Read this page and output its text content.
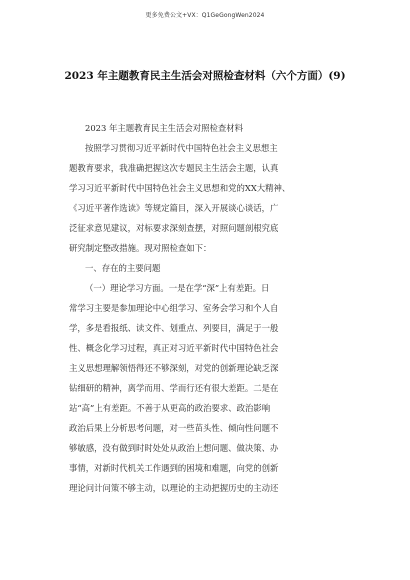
更多免费公文+VX：Q1GeGongWen2024
2023 年主题教育民主生活会对照检查材料（六个方面）(9)

2023 年主题教育民主生活会对照检查材料

按照学习贯彻习近平新时代中国特色社会主义思想主

题教育要求，我准确把握这次专题民主生活会主题，认真

学习习近平新时代中国特色社会主义思想和党的XX大精神、

《习近平著作选读》等规定篇目，深入开展谈心谈话，广

泛征求意见建议，对标要求深刻查摆，对照问题剖根究底

研究制定整改措施。现对照检查如下：

一、存在的主要问题

（一）理论学习方面。一是在学“深”上有差距。日

常学习主要是参加理论中心组学习、室务会学习和个人自

学，多是看报纸、读文件、划重点、列要目，满足于一般

性、概念化学习过程，真正对习近平新时代中国特色社会

主义思想理解领悟得还不够深刻，对党的创新理论缺乏深

钻细研的精神，离学而用、学而行还有很大差距。二是在

站“高”上有差距。不善于从更高的政治要求、政治影响

政治后果上分析思考问题，对一些苗头性、倾向性问题不

够敏感，没有做到时时处处从政治上想问题、做决策、办

事情，对新时代机关工作遇到的困境和难题，向党的创新

理论问计问策不够主动，以理论的主动把握历史的主动还
